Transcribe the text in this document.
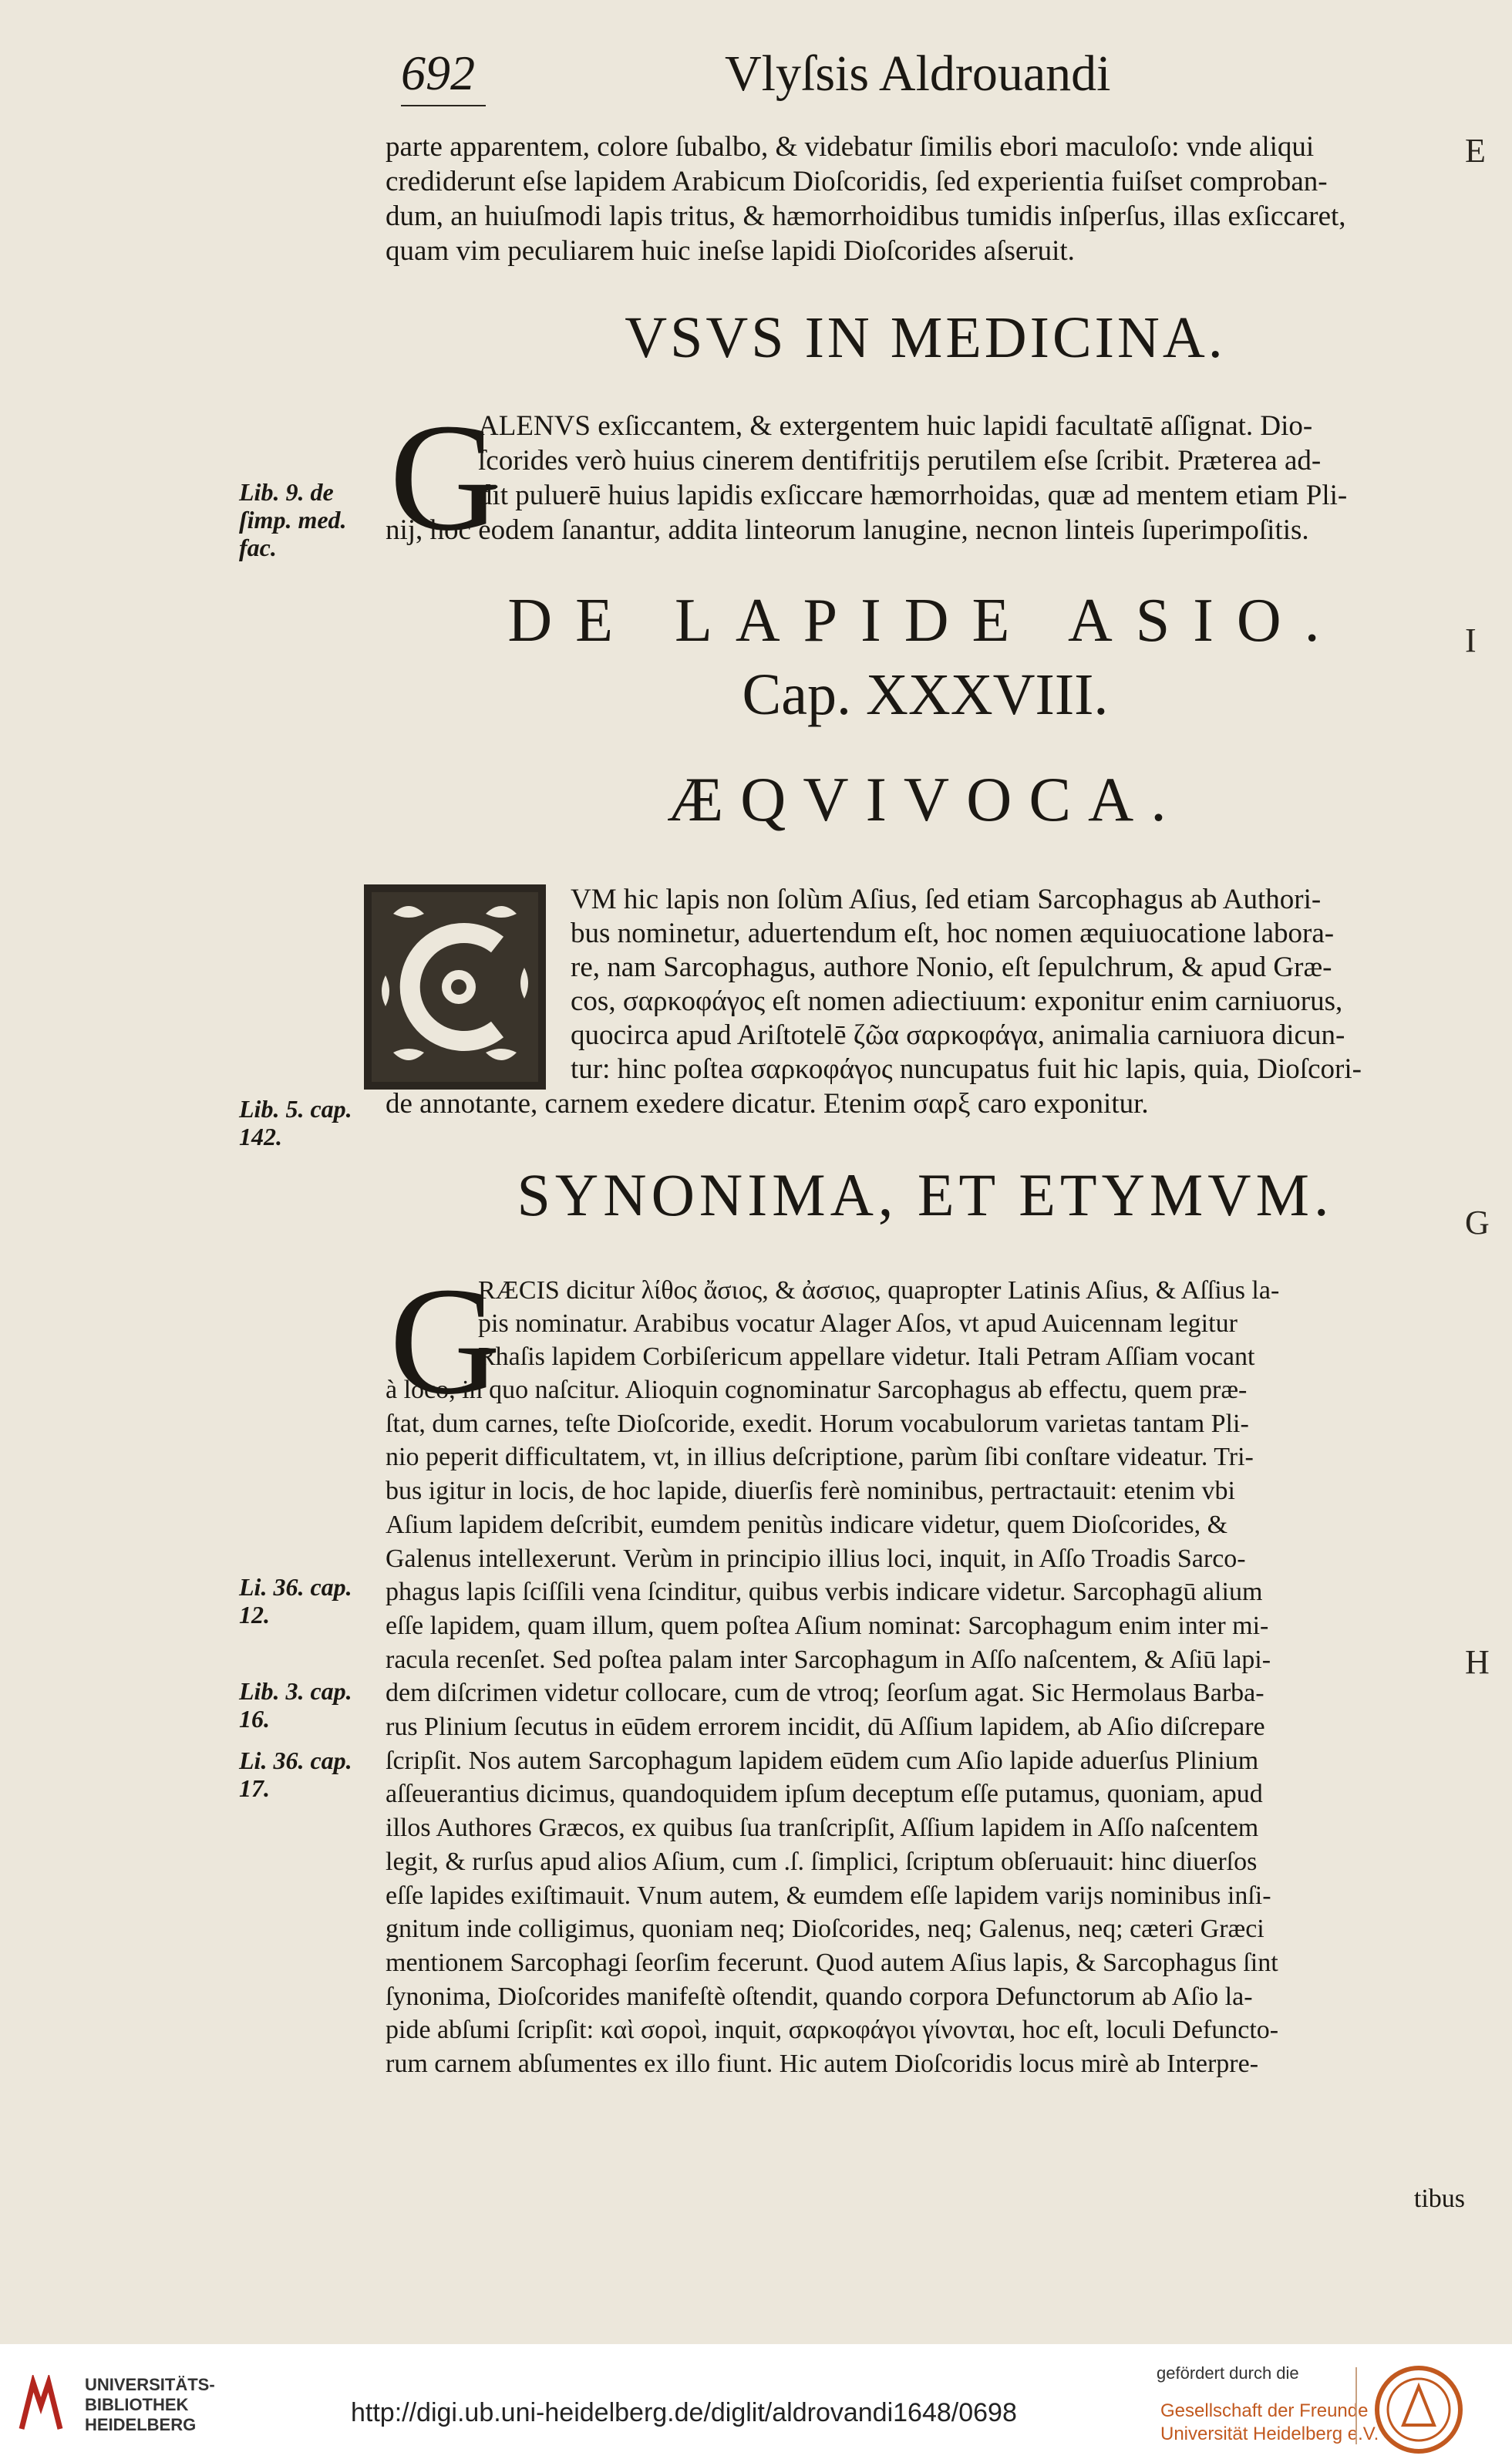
692	Vlyſsis Aldrouandi
E
I
G
H
parte apparentem, colore ſubalbo, & videbatur ſimilis ebori maculoſo: vnde aliqui
crediderunt eſse lapidem Arabicum Dioſcoridis, ſed experientia fuiſset comproban-
dum, an huiuſmodi lapis tritus, & hæmorrhoidibus tumidis inſperſus, illas exſiccaret,
quam vim peculiarem huic ineſse lapidi Dioſcorides aſseruit.
VSVS IN MEDICINA.
G
ALENVS exſiccantem, & extergentem huic lapidi facultatē aſſignat. Dio-
ſcorides verò huius cinerem dentifritijs perutilem eſse ſcribit. Præterea ad-
dit puluerē huius lapidis exſiccare hæmorrhoidas, quæ ad mentem etiam Pli-
nij, hoc eodem ſanantur, addita linteorum lanugine, necnon linteis ſuperimpoſitis.
Lib. 9. de
ſimp. med.
fac.
DE LAPIDE ASIO.
Cap. XXXVIII.
ÆQVIVOCA.
VM hic lapis non ſolùm Aſius, ſed etiam Sarcophagus ab Authori-
bus nominetur, aduertendum eſt, hoc nomen æquiuocatione labora-
re, nam Sarcophagus, authore Nonio, eſt ſepulchrum, & apud Græ-
cos, σαρκοφάγος eſt nomen adiectiuum: exponitur enim carniuorus,
quocirca apud Ariſtotelē ζῶα σαρκοφάγα, animalia carniuora dicun-
tur: hinc poſtea σαρκοφάγος nuncupatus fuit hic lapis, quia, Dioſcori-
de annotante, carnem exedere dicatur. Etenim σαρξ caro exponitur.
Lib. 5. cap.
142.
SYNONIMA, ET ETYMVM.
G
RÆCIS dicitur λίθος ἄσιος, & ἀσσιος, quapropter Latinis Aſius, & Aſſius la-
pis nominatur. Arabibus vocatur Alager Aſos, vt apud Auicennam legitur
Rhaſis lapidem Corbiſericum appellare videtur. Itali Petram Aſſiam vocant
à loco, in quo naſcitur. Alioquin cognominatur Sarcophagus ab effectu, quem præ-
ſtat, dum carnes, teſte Dioſcoride, exedit. Horum vocabulorum varietas tantam Pli-
nio peperit difficultatem, vt, in illius deſcriptione, parùm ſibi conſtare videatur. Tri-
bus igitur in locis, de hoc lapide, diuerſis ferè nominibus, pertractauit: etenim vbi
Aſium lapidem deſcribit, eumdem penitùs indicare videtur, quem Dioſcorides, &
Galenus intellexerunt. Verùm in principio illius loci, inquit, in Aſſo Troadis Sarco-
phagus lapis ſciſſili vena ſcinditur, quibus verbis indicare videtur. Sarcophagū alium
eſſe lapidem, quam illum, quem poſtea Aſium nominat: Sarcophagum enim inter mi-
racula recenſet. Sed poſtea palam inter Sarcophagum in Aſſo naſcentem, & Aſiū lapi-
dem diſcrimen videtur collocare, cum de vtroq; ſeorſum agat. Sic Hermolaus Barba-
rus Plinium ſecutus in eūdem errorem incidit, dū Aſſium lapidem, ab Aſio diſcrepare
ſcripſit. Nos autem Sarcophagum lapidem eūdem cum Aſio lapide aduerſus Plinium
aſſeuerantius dicimus, quandoquidem ipſum deceptum eſſe putamus, quoniam, apud
illos Authores Græcos, ex quibus ſua tranſcripſit, Aſſium lapidem in Aſſo naſcentem
legit, & rurſus apud alios Aſium, cum .ſ. ſimplici, ſcriptum obſeruauit: hinc diuerſos
eſſe lapides exiſtimauit. Vnum autem, & eumdem eſſe lapidem varijs nominibus inſi-
gnitum inde colligimus, quoniam neq; Dioſcorides, neq; Galenus, neq; cæteri Græci
mentionem Sarcophagi ſeorſim fecerunt. Quod autem Aſius lapis, & Sarcophagus ſint
ſynonima, Dioſcorides manifeſtè oſtendit, quando corpora Defunctorum ab Aſio la-
pide abſumi ſcripſit: καὶ σοροὶ, inquit, σαρκοφάγοι γίνονται, hoc eſt, loculi Defuncto-
rum carnem abſumentes ex illo fiunt. Hic autem Dioſcoridis locus mirè ab Interpre-
tibus
Li. 36. cap.
12.
Lib. 3. cap.
16.
Li. 36. cap.
17.
UNIVERSITÄTS-
BIBLIOTHEK
HEIDELBERG	http://digi.ub.uni-heidelberg.de/diglit/aldrovandi1648/0698
gefördert durch die
Gesellschaft der Freunde
Universität Heidelberg e.V.
